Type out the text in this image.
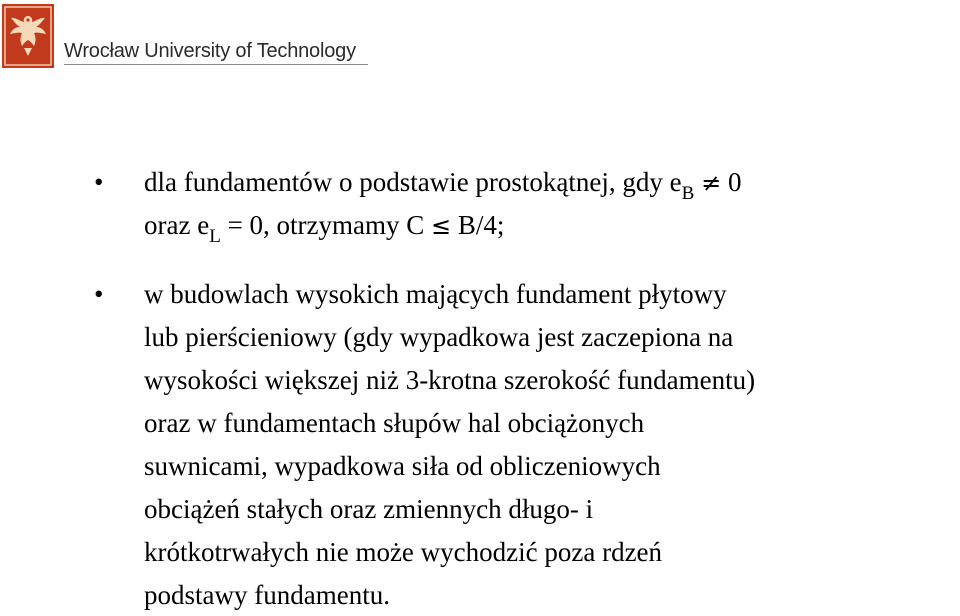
Wrocław University of Technology
• dla fundamentów o podstawie prostokątnej, gdy $e_B \ne 0$
oraz $e_L = 0$, otrzymamy C ≤ B/4;
• w budowlach wysokich mających fundament płytowy
lub pierścieniowy (gdy wypadkowa jest zaczepiona na
wysokości większej niż 3-krotna szerokość fundamentu)
oraz w fundamentach słupów hal obciążonych
suwnicami, wypadkowa siła od obliczeniowych
obciążeń stałych oraz zmiennych długo- i
krótkotrwałych nie może wychodzić poza rdzeń
podstawy fundamentu.
